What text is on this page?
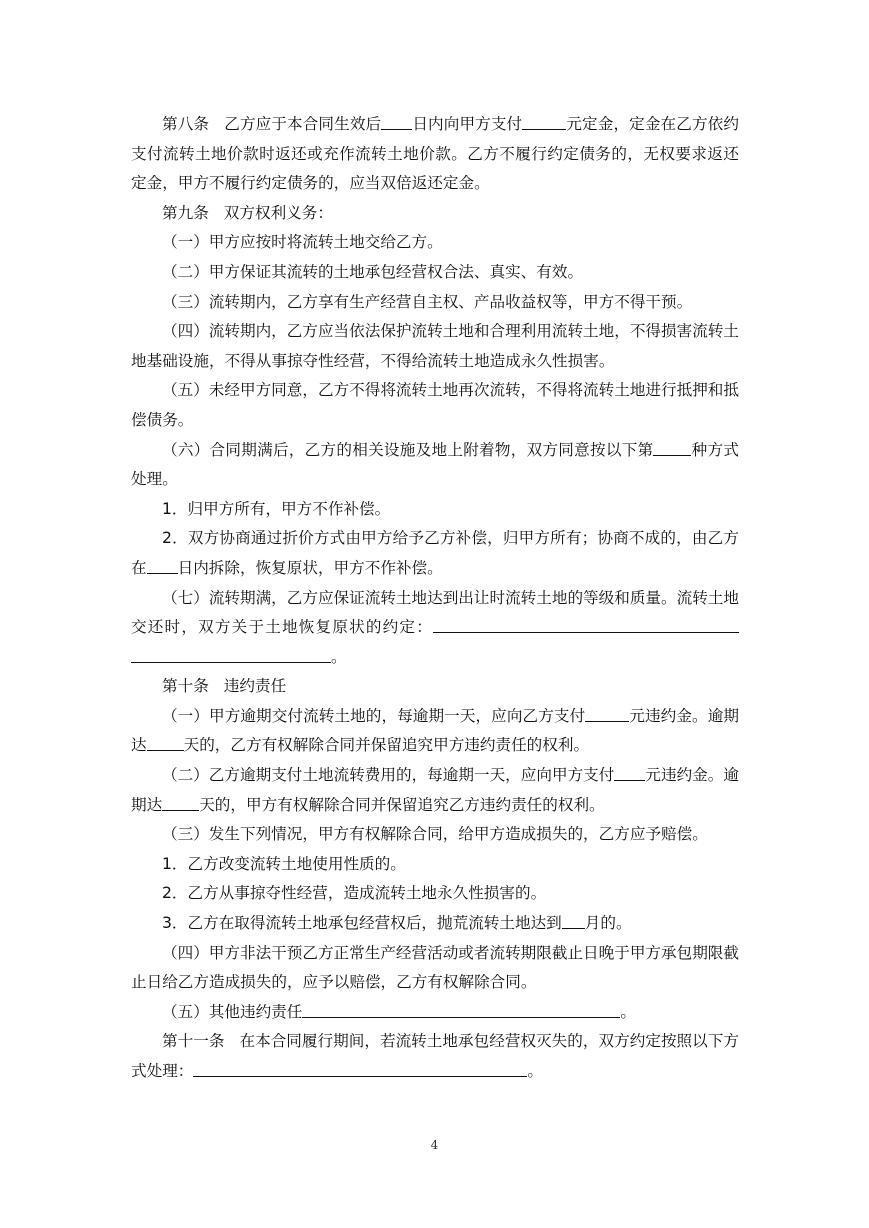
第八条 乙方应于本合同生效后 日内向甲方支付	元定金，定金在乙方依约支付流转土地价款时返还或充作流转土地价款。乙方不履行约定债务的，无权要求返还定金，甲方不履行约定债务的，应当双倍返还定金。

第九条 双方权利义务：

（一）甲方应按时将流转土地交给乙方。

（二）甲方保证其流转的土地承包经营权合法、真实、有效。

（三）流转期内，乙方享有生产经营自主权、产品收益权等，甲方不得干预。

（四）流转期内，乙方应当依法保护流转土地和合理利用流转土地，不得损害流转土地基础设施，不得从事掠夺性经营，不得给流转土地造成永久性损害。

（五）未经甲方同意，乙方不得将流转土地再次流转，不得将流转土地进行抵押和抵偿债务。

（六）合同期满后，乙方的相关设施及地上附着物，双方同意按以下第 种方式处理。

1．归甲方所有，甲方不作补偿。

2．双方协商通过折价方式由甲方给予乙方补偿，归甲方所有；协商不成的，由乙方在 日内拆除，恢复原状，甲方不作补偿。

（七）流转期满，乙方应保证流转土地达到出让时流转土地的等级和质量。流转土地交还时，双方关于土地恢复原状的约定：。

第十条 违约责任

（一）甲方逾期交付流转土地的，每逾期一天，应向乙方支付	元违约金。逾期达 天的，乙方有权解除合同并保留追究甲方违约责任的权利。

（二）乙方逾期支付土地流转费用的，每逾期一天，应向甲方支付 元违约金。逾期达 天的，甲方有权解除合同并保留追究乙方违约责任的权利。

（三）发生下列情况，甲方有权解除合同，给甲方造成损失的，乙方应予赔偿。

1．乙方改变流转土地使用性质的。

2．乙方从事掠夺性经营，造成流转土地永久性损害的。

3．乙方在取得流转土地承包经营权后，抛荒流转土地达到 月的。

（四）甲方非法干预乙方正常生产经营活动或者流转期限截止日晚于甲方承包期限截止日给乙方造成损失的，应予以赔偿，乙方有权解除合同。

（五）其他违约责任	。

第十一条 在本合同履行期间，若流转土地承包经营权灭失的，双方约定按照以下方式处理：	。

4
